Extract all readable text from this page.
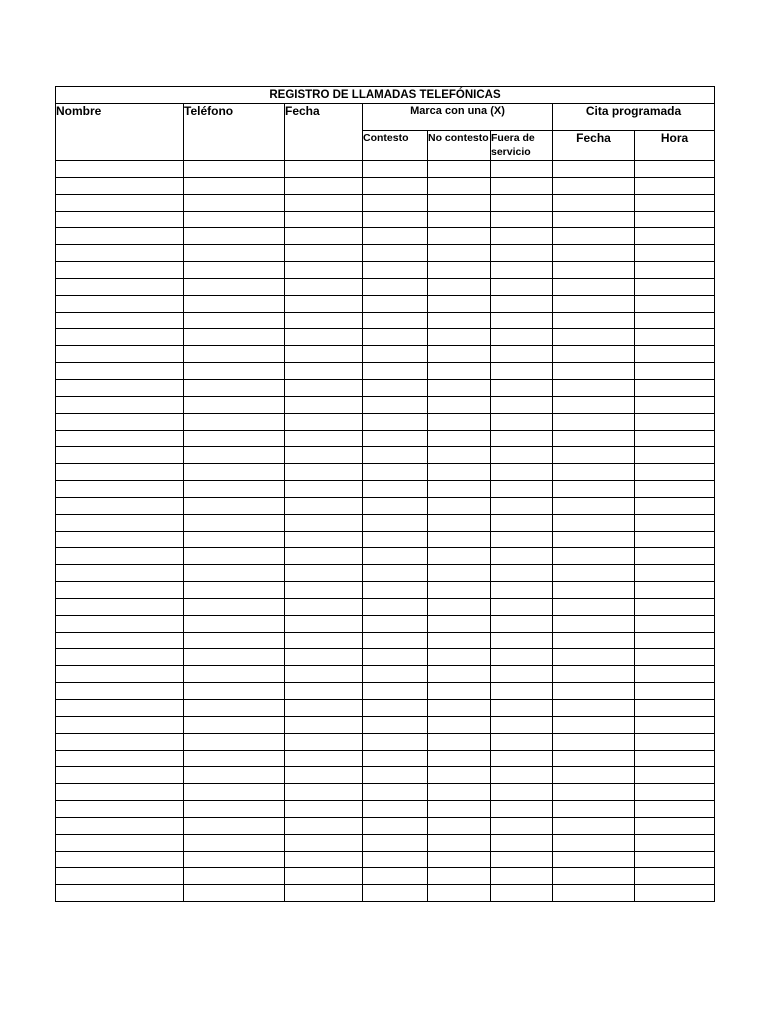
REGISTRO DE LLAMADAS TELEFÓNICAS							
Nombre	Teléfono	Fecha	Marca con una (X)			Cita programada	
			Contesto	No contesto	Fuera de servicio	Fecha	Hora
